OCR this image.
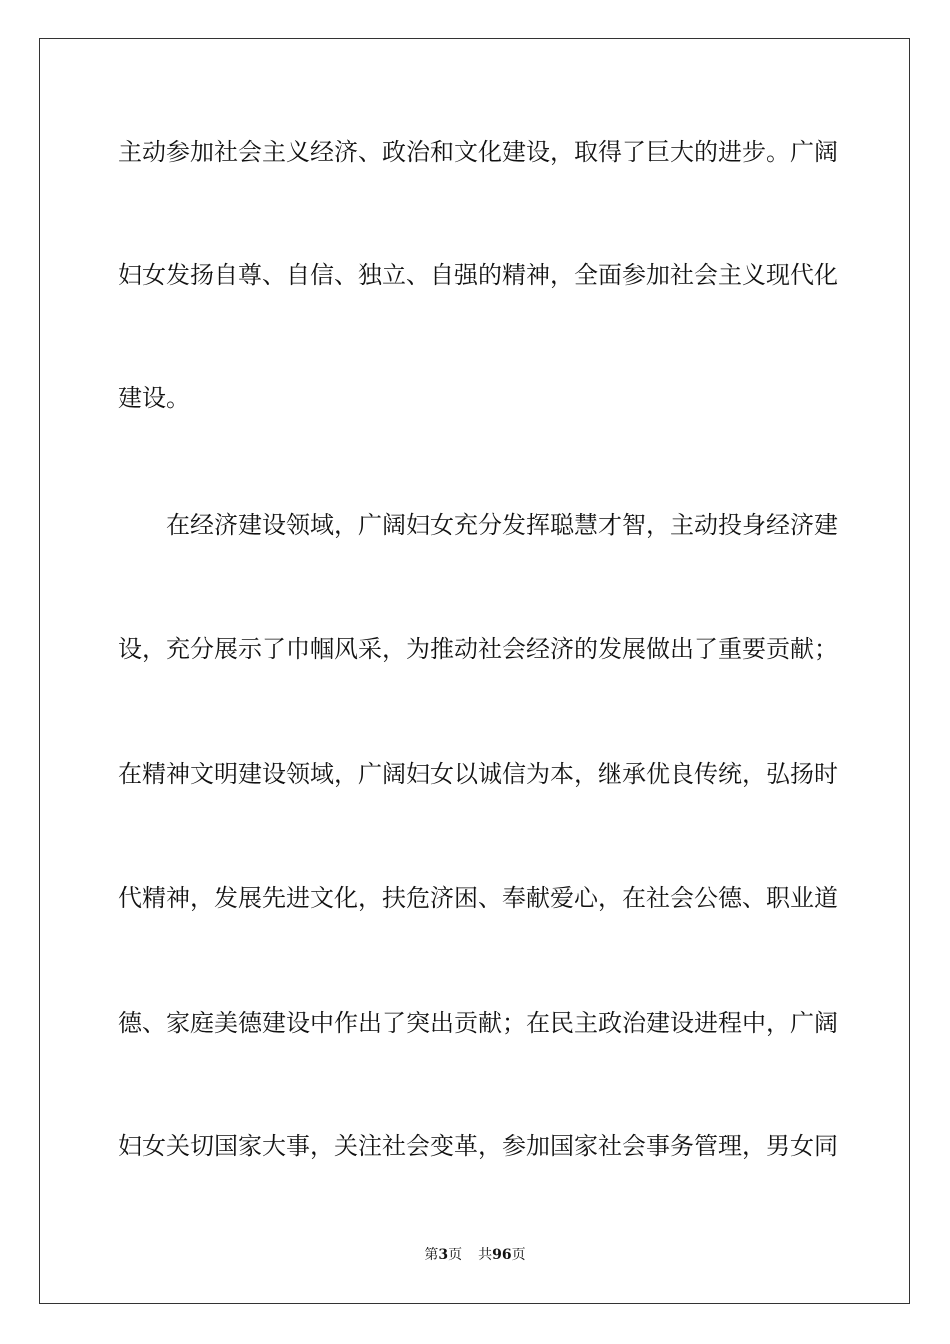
主动参加社会主义经济、政治和文化建设，取得了巨大的进步。广阔
妇女发扬自尊、自信、独立、自强的精神，全面参加社会主义现代化
建设。
在经济建设领域，广阔妇女充分发挥聪慧才智，主动投身经济建
设，充分展示了巾帼风采，为推动社会经济的发展做出了重要贡献；
在精神文明建设领域，广阔妇女以诚信为本，继承优良传统，弘扬时
代精神，发展先进文化，扶危济困、奉献爱心，在社会公德、职业道
德、家庭美德建设中作出了突出贡献；在民主政治建设进程中，广阔
妇女关切国家大事，关注社会变革，参加国家社会事务管理，男女同
第3页 共96页
